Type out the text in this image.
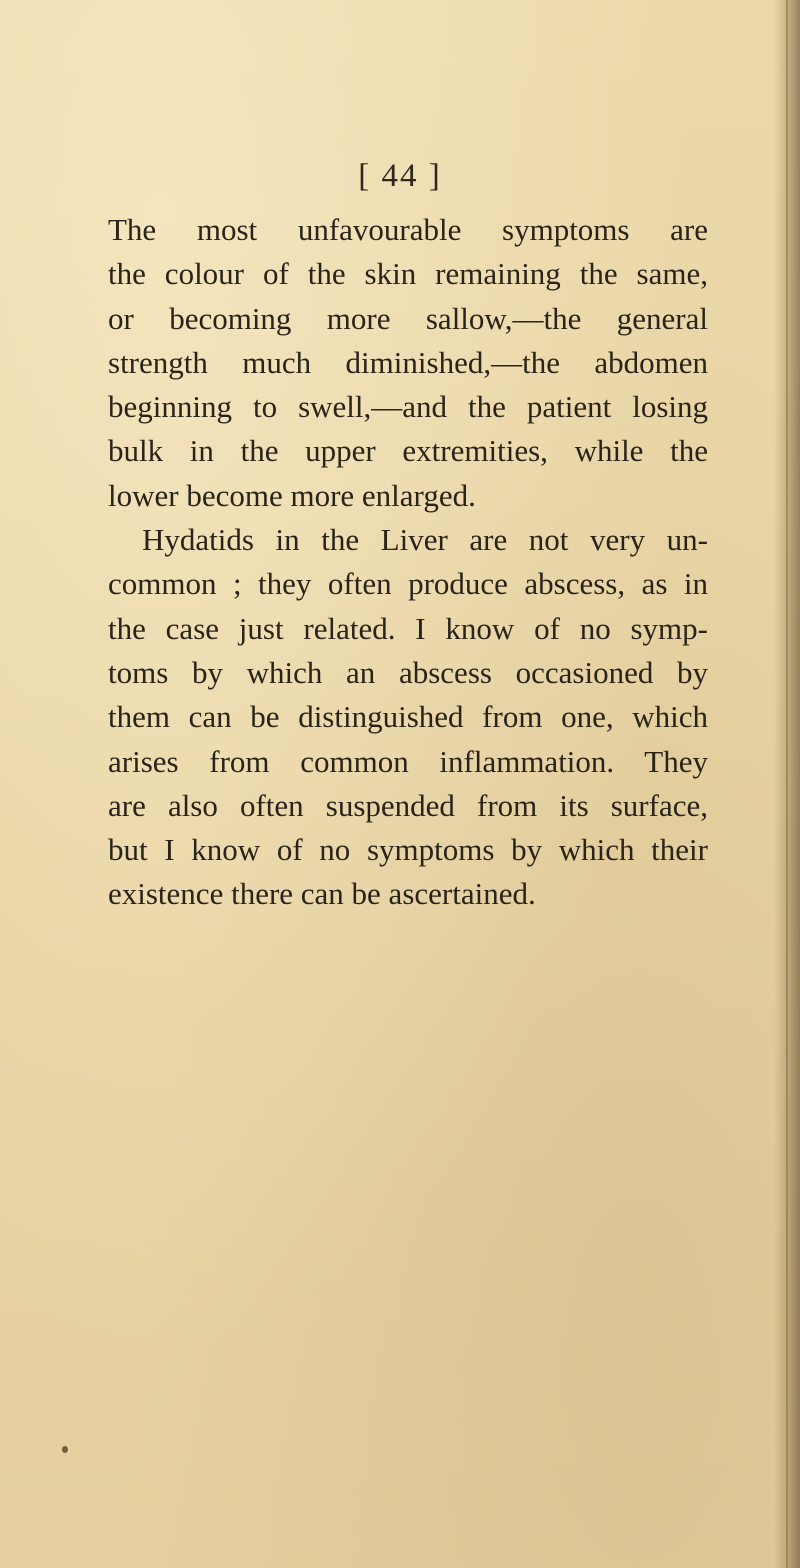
[ 44 ]
The most unfavourable symptoms are
the colour of the skin remaining the same,
or becoming more sallow,—the general
strength much diminished,—the abdomen
beginning to swell,—and the patient losing
bulk in the upper extremities, while the
lower become more enlarged.
Hydatids in the Liver are not very un-
common ; they often produce abscess, as in
the case just related. I know of no symp-
toms by which an abscess occasioned by
them can be distinguished from one, which
arises from common inflammation. They
are also often suspended from its surface,
but I know of no symptoms by which their
existence there can be ascertained.
